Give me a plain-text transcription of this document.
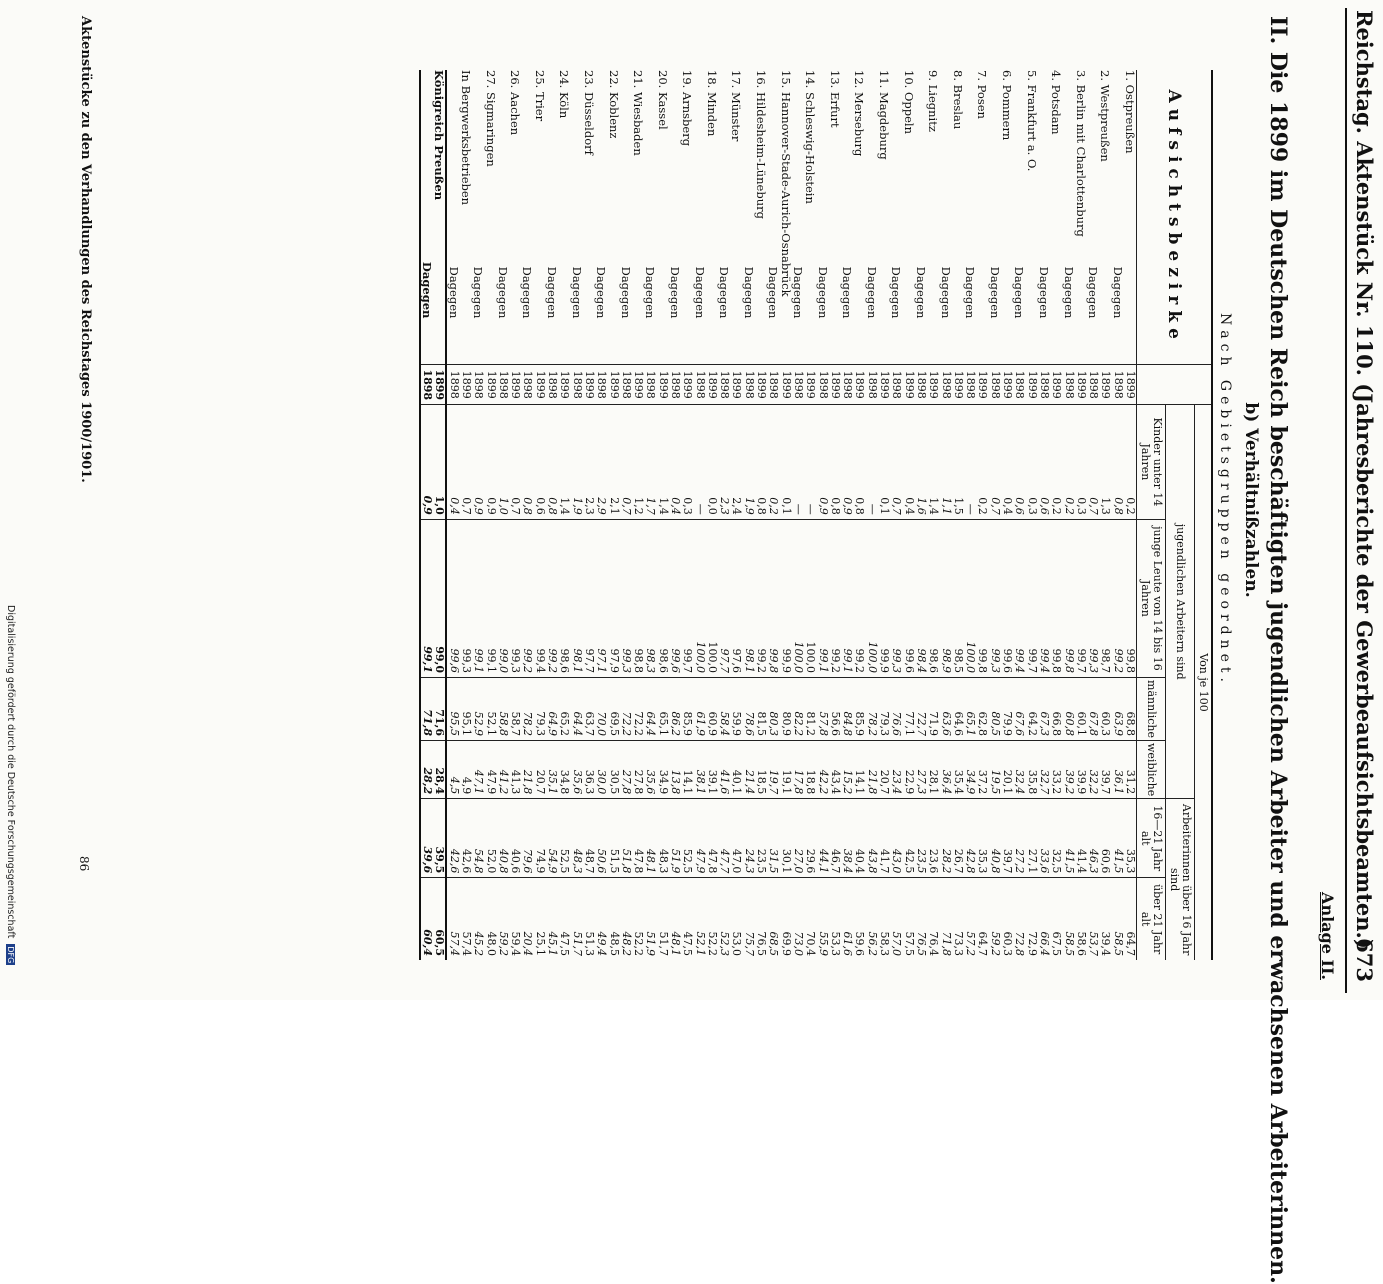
Reichstag. Aktenstück Nr. 110. (Jahresberichte der Gewerbeaufsichtsbeamten.)
673
Anlage II.
II. Die 1899 im Deutschen Reich beschäftigten jugendlichen Arbeiter und erwachsenen Arbeiterinnen.
b) Verhältnißzahlen.
Nach Gebietsgruppen geordnet.
Aufsichtsbezirke			Von je 100					
			jugendlichen Arbeitern sind				Arbeiterinnen über 16 Jahr sind	
			Kinder unter 14 Jahren	junge Leute von 14 bis 16 Jahren	männliche	weibliche	16—21 Jahr alt	über 21 Jahr alt
1. Ostpreußen		1899	0,2	99,8	68,8	31,2	35,3	64,7
Dagegen		1898	0,8	99,2	63,9	36,1	41,5	58,5
2. Westpreußen		1899	1,3	98,7	60,3	39,7	60,6	39,4
Dagegen		1898	0,7	99,3	67,8	32,2	46,3	53,7
3. Berlin mit Charlottenburg		1899	0,3	99,7	60,1	39,9	41,4	58,6
Dagegen		1898	0,2	99,8	60,8	39,2	41,5	58,5
4. Potsdam		1899	0,2	99,8	66,8	33,2	32,5	67,5
Dagegen		1898	0,6	99,4	67,3	32,7	33,6	66,4
5. Frankfurt a. O.		1899	0,3	99,7	64,2	35,8	27,1	72,9
Dagegen		1898	0,6	99,4	67,6	32,4	27,2	72,8
6. Pommern		1899	0,4	99,6	79,9	20,1	39,7	60,3
Dagegen		1898	0,7	99,3	80,5	19,5	40,8	59,2
7. Posen		1899	0,2	99,8	62,8	37,2	35,3	64,7
Dagegen		1898	—	100,0	65,1	34,9	42,8	57,2
8. Breslau		1899	1,5	98,5	64,6	35,4	26,7	73,3
Dagegen		1898	1,1	98,9	63,6	36,4	28,2	71,8
9. Liegnitz		1899	1,4	98,6	71,9	28,1	23,6	76,4
Dagegen		1898	1,6	98,4	72,7	27,3	23,5	76,5
10. Oppeln		1899	0,4	99,6	77,1	22,9	42,5	57,5
Dagegen		1898	0,7	99,3	76,6	23,4	43,0	57,0
11. Magdeburg		1899	0,1	99,9	79,3	20,7	41,7	58,3
Dagegen		1898	—	100,0	78,2	21,8	43,8	56,2
12. Merseburg		1899	0,8	99,2	85,9	14,1	40,4	59,6
Dagegen		1898	0,9	99,1	84,8	15,2	38,4	61,6
13. Erfurt		1899	0,8	99,2	56,6	43,4	46,7	53,3
Dagegen		1898	0,9	99,1	57,8	42,2	44,1	55,9
14. Schleswig-Holstein		1899	—	100,0	81,2	18,8	29,6	70,4
Dagegen		1898	—	100,0	82,2	17,8	27,0	73,0
15. Hannover-Stade-Aurich-Osnabrück		1899	0,1	99,9	80,9	19,1	30,1	69,9
Dagegen		1898	0,2	99,8	80,3	19,7	31,5	68,5
16. Hildesheim-Lüneburg		1899	0,8	99,2	81,5	18,5	23,5	76,5
Dagegen		1898	1,9	98,1	78,6	21,4	24,3	75,7
17. Münster		1899	2,4	97,6	59,9	40,1	47,0	53,0
Dagegen		1898	2,3	97,7	58,4	41,6	47,7	52,3
18. Minden		1899	0,0	100,0	60,9	39,1	47,8	52,2
Dagegen		1898	—	100,0	61,9	38,1	47,9	52,1
19. Arnsberg		1899	0,3	99,7	85,9	14,1	52,5	47,5
Dagegen		1898	0,4	99,6	86,2	13,8	51,9	48,1
20. Kassel		1899	1,4	98,6	65,1	34,9	48,3	51,7
Dagegen		1898	1,7	98,3	64,4	35,6	48,1	51,9
21. Wiesbaden		1899	1,2	98,8	72,2	27,8	47,8	52,2
Dagegen		1898	0,7	99,3	72,2	27,8	51,8	48,2
22. Koblenz		1899	2,1	97,9	69,5	30,5	51,5	48,5
Dagegen		1898	2,9	97,1	70,0	30,0	50,6	49,4
23. Düsseldorf		1899	2,3	97,7	63,7	36,3	48,7	51,3
Dagegen		1898	1,9	98,1	64,4	35,6	48,3	51,7
24. Köln		1899	1,4	98,6	65,2	34,8	52,5	47,5
Dagegen		1898	0,8	99,2	64,9	35,1	54,9	45,1
25. Trier		1899	0,6	99,4	79,3	20,7	74,9	25,1
Dagegen		1898	0,8	99,2	78,2	21,8	79,6	20,4
26. Aachen		1899	0,7	99,3	58,7	41,3	40,6	59,4
Dagegen		1898	1,0	99,0	58,8	41,2	40,8	59,2
27. Sigmaringen		1899	0,9	99,1	52,1	47,9	52,0	48,0
Dagegen		1898	0,9	99,1	52,9	47,1	54,8	45,2
In Bergwerksbetrieben		1899	0,7	99,3	95,1	4,9	42,6	57,4
Dagegen		1898	0,4	99,6	95,5	4,5	42,6	57,4
Königreich Preußen		1899	1,0	99,0	71,6	28,4	39,5	60,5
Dagegen		1898	0,9	99,1	71,8	28,2	39,6	60,4
Aktenstücke zu den Verhandlungen des Reichstages 1900/1901.
86
Digitalisierung gefördert durch die Deutsche Forschungsgemeinschaft DFG
